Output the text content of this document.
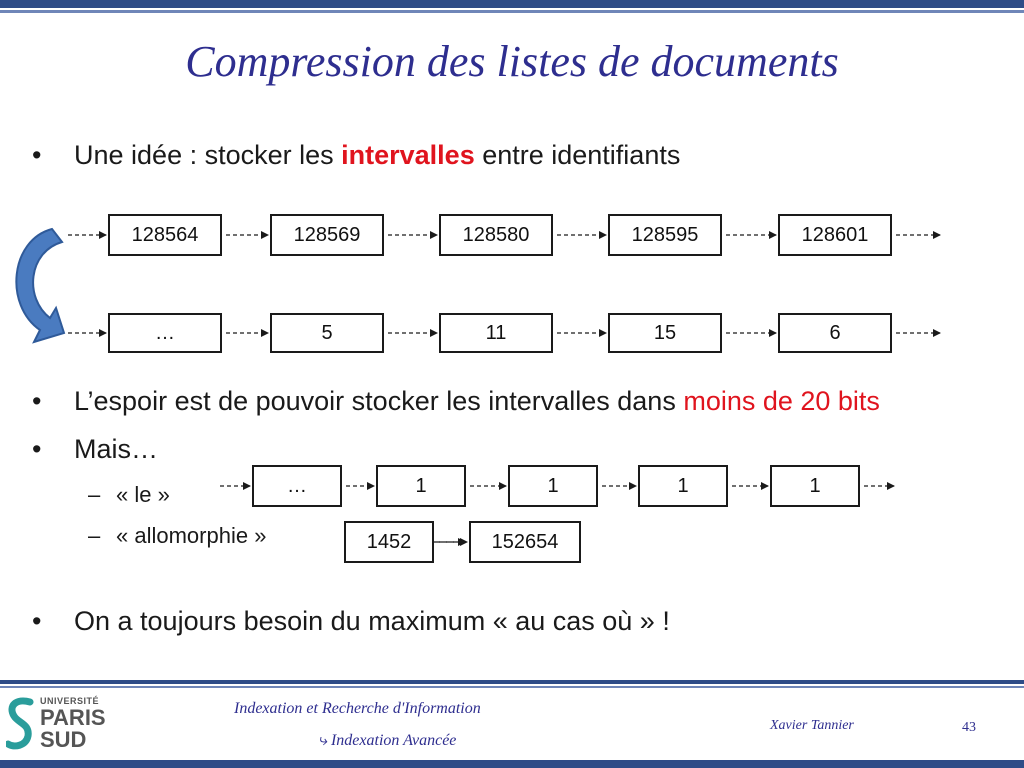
Compression des listes de documents
• Une idée : stocker les intervalles entre identifiants
128564	128569	128580	128595	128601
…	5	11	15	6
• L’espoir est de pouvoir stocker les intervalles dans moins de 20 bits
• Mais…
– « le »
– « allomorphie »
…	1	1	1	1
1452	152654
• On a toujours besoin du maximum « au cas où » !
UNIVERSITÉ
PARIS
SUD
Indexation et Recherche d'Information
⤷ Indexation Avancée
Xavier Tannier	43
